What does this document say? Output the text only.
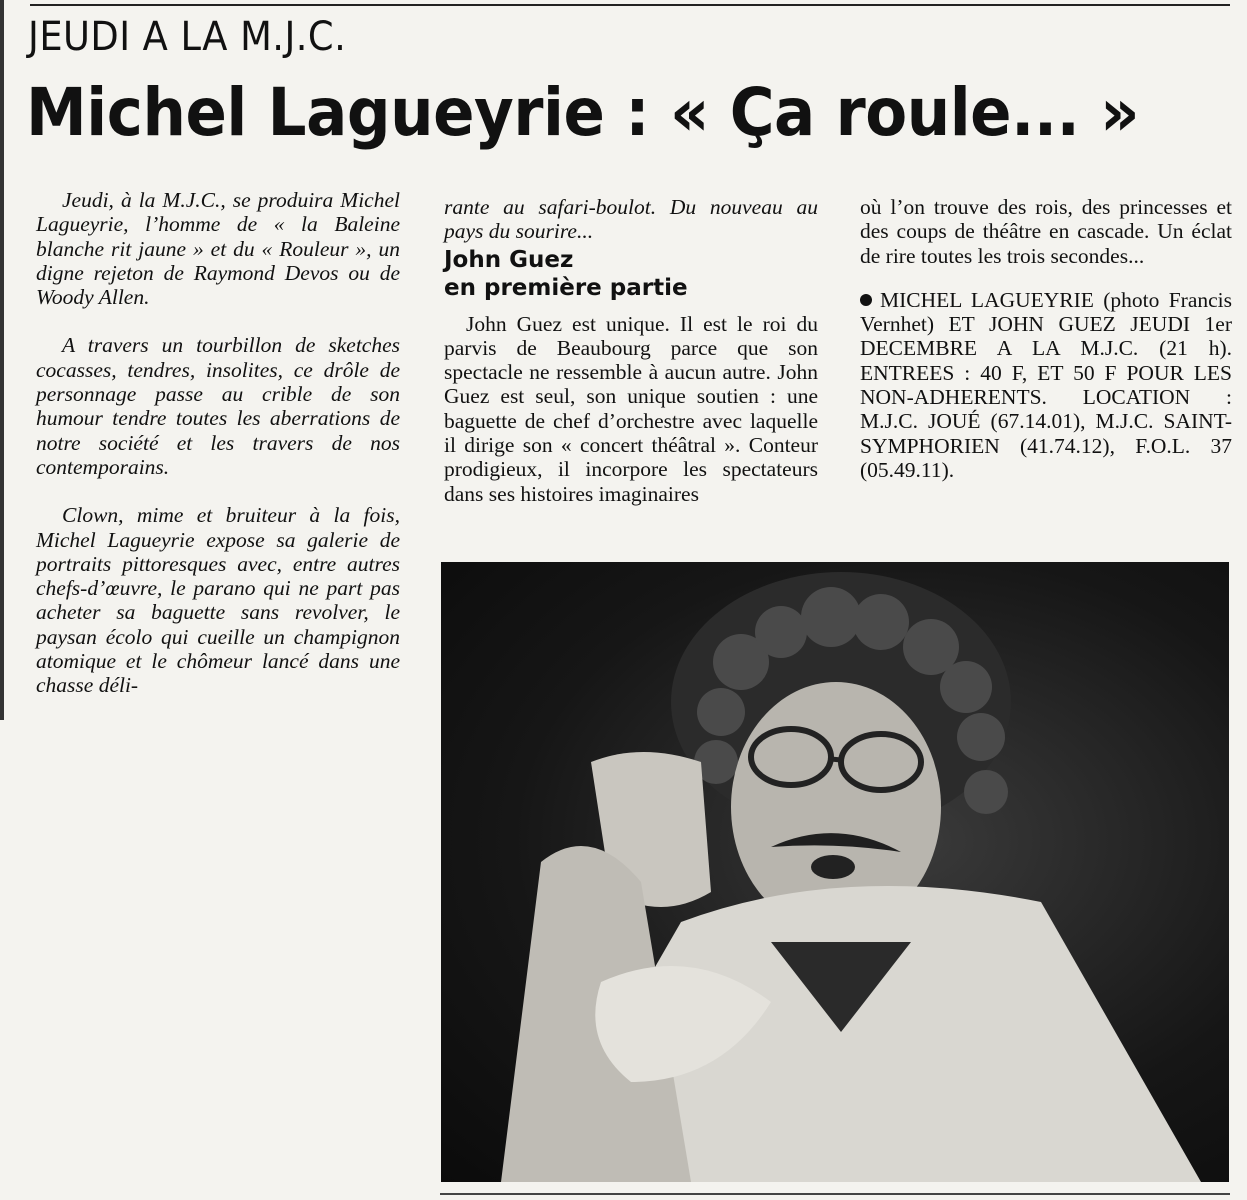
JEUDI A LA M.J.C.
Michel Lagueyrie : « Ça roule... »

Jeudi, à la M.J.C., se produira Michel Lagueyrie, l’homme de « la Baleine blanche rit jaune » et du « Rouleur », un digne rejeton de Raymond Devos ou de Woody Allen.

A travers un tourbillon de sketches cocasses, tendres, insolites, ce drôle de personnage passe au crible de son humour tendre toutes les aberrations de notre société et les travers de nos contemporains.

Clown, mime et bruiteur à la fois, Michel Lagueyrie expose sa galerie de portraits pittoresques avec, entre autres chefs-d’œuvre, le parano qui ne part pas acheter sa baguette sans revolver, le paysan écolo qui cueille un champignon atomique et le chômeur lancé dans une chasse déli-

rante au safari-boulot. Du nouveau au pays du sourire...

John Guez
en première partie

John Guez est unique. Il est le roi du parvis de Beaubourg parce que son spectacle ne ressemble à aucun autre. John Guez est seul, son unique soutien : une baguette de chef d’orchestre avec laquelle il dirige son « concert théâtral ». Conteur prodigieux, il incorpore les spectateurs dans ses histoires imaginaires

où l’on trouve des rois, des princesses et des coups de théâtre en cascade. Un éclat de rire toutes les trois secondes...

MICHEL LAGUEYRIE (photo Francis Vernhet) ET JOHN GUEZ JEUDI 1er DECEMBRE A LA M.J.C. (21 h). ENTREES : 40 F, ET 50 F POUR LES NON-ADHERENTS. LOCATION : M.J.C. JOUÉ (67.14.01), M.J.C. SAINT-SYMPHORIEN (41.74.12), F.O.L. 37 (05.49.11).
